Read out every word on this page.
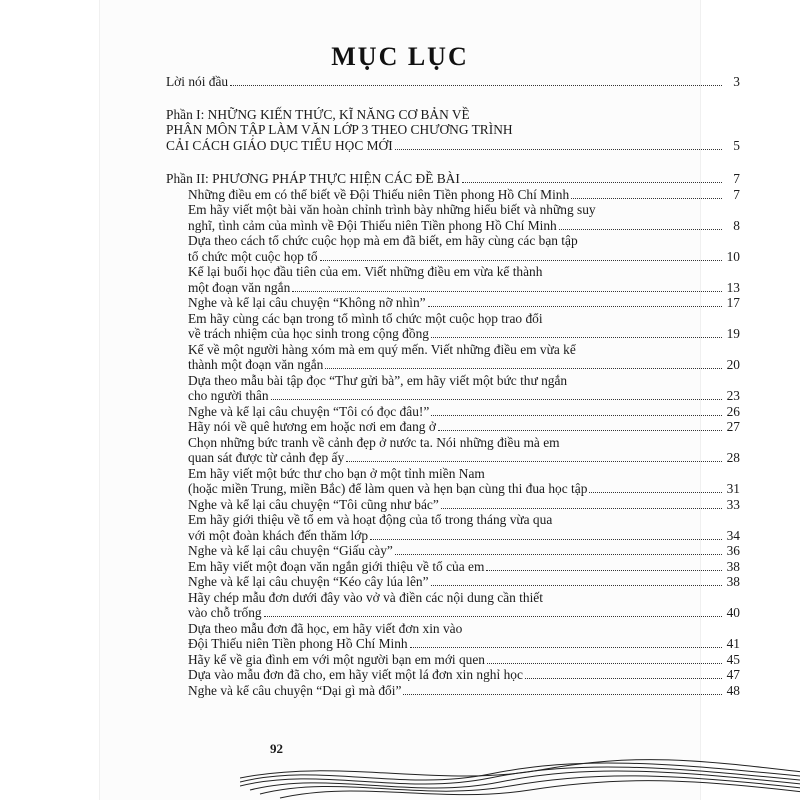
MỤC LỤC
Lời nói đầu	3
Phần I: NHỮNG KIẾN THỨC, KĨ NĂNG CƠ BẢN VỀ
PHÂN MÔN TẬP LÀM VĂN LỚP 3 THEO CHƯƠNG TRÌNH
CẢI CÁCH GIÁO DỤC TIỂU HỌC MỚI	5
Phần II: PHƯƠNG PHÁP THỰC HIỆN CÁC ĐỀ BÀI	7
Những điều em có thể biết về Đội Thiếu niên Tiền phong Hồ Chí Minh	7
Em hãy viết một bài văn hoàn chỉnh trình bày những hiểu biết và những suy
nghĩ, tình cảm của mình về Đội Thiếu niên Tiền phong Hồ Chí Minh	8
Dựa theo cách tổ chức cuộc họp mà em đã biết, em hãy cùng các bạn tập
tổ chức một cuộc họp tổ	10
Kể lại buổi học đầu tiên của em. Viết những điều em vừa kể thành
một đoạn văn ngắn	13
Nghe và kể lại câu chuyện “Không nỡ nhìn”	17
Em hãy cùng các bạn trong tổ mình tổ chức một cuộc họp trao đổi
về trách nhiệm của học sinh trong cộng đồng	19
Kể về một người hàng xóm mà em quý mến. Viết những điều em vừa kể
thành một đoạn văn ngắn	20
Dựa theo mẫu bài tập đọc “Thư gửi bà”, em hãy viết một bức thư ngắn
cho người thân	23
Nghe và kể lại câu chuyện “Tôi có đọc đâu!”	26
Hãy nói về quê hương em hoặc nơi em đang ở	27
Chọn những bức tranh về cảnh đẹp ở nước ta. Nói những điều mà em
quan sát được từ cảnh đẹp ấy	28
Em hãy viết một bức thư cho bạn ở một tỉnh miền Nam
(hoặc miền Trung, miền Bắc) để làm quen và hẹn bạn cùng thi đua học tập	31
Nghe và kể lại câu chuyện “Tôi cũng như bác”	33
Em hãy giới thiệu về tổ em và hoạt động của tổ trong tháng vừa qua
với một đoàn khách đến thăm lớp	34
Nghe và kể lại câu chuyện “Giấu cày”	36
Em hãy viết một đoạn văn ngắn giới thiệu về tổ của em	38
Nghe và kể lại câu chuyện “Kéo cây lúa lên”	38
Hãy chép mẫu đơn dưới đây vào vở và điền các nội dung cần thiết
vào chỗ trống	40
Dựa theo mẫu đơn đã học, em hãy viết đơn xin vào
Đội Thiếu niên Tiền phong Hồ Chí Minh	41
Hãy kể về gia đình em với một người bạn em mới quen	45
Dựa vào mẫu đơn đã cho, em hãy viết một lá đơn xin nghỉ học	47
Nghe và kể câu chuyện “Dại gì mà đổi”	48
92
